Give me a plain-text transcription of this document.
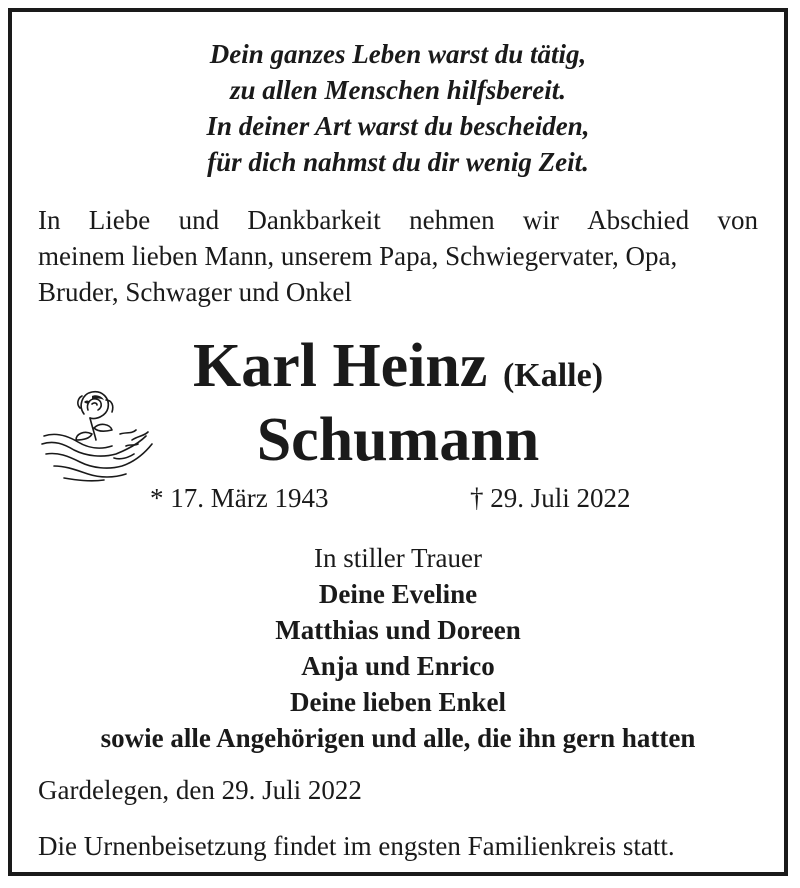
Dein ganzes Leben warst du tätig,
zu allen Menschen hilfsbereit.
In deiner Art warst du bescheiden,
für dich nahmst du dir wenig Zeit.
In Liebe und Dankbarkeit nehmen wir Abschied von
meinem lieben Mann, unserem Papa, Schwiegervater, Opa,
Bruder, Schwager und Onkel
Karl Heinz (Kalle)
Schumann
* 17. März 1943	† 29. Juli 2022
In stiller Trauer
Deine Eveline
Matthias und Doreen
Anja und Enrico
Deine lieben Enkel
sowie alle Angehörigen und alle, die ihn gern hatten
Gardelegen, den 29. Juli 2022
Die Urnenbeisetzung findet im engsten Familienkreis statt.
